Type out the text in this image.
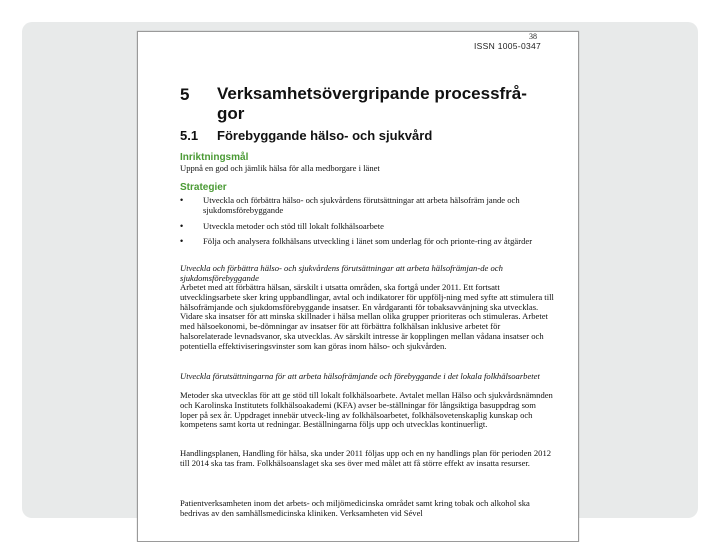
38
ISSN 1005-0347
5 Verksamhetsövergripande processfrå-gor
5.1 Förebyggande hälso- och sjukvård
Inriktningsmål
Uppnå en god och jämlik hälsa för alla medborgare i länet
Strategier
• Utveckla och förbättra hälso- och sjukvårdens förutsättningar att arbeta hälsofräm jande och sjukdomsförebyggande
• Utveckla metoder och stöd till lokalt folkhälsoarbete
• Följa och analysera folkhälsans utveckling i länet som underlag för och prionte-ring av åtgärder
Utveckla och förbättra hälso- och sjukvårdens förutsättningar att arbeta hälsofrämjan-de och sjukdomsförebyggande
Arbetet med att förbättra hälsan, särskilt i utsatta områden, ska fortgå under 2011. Ett fortsatt utvecklingsarbete sker kring uppbandlingar, avtal och indikatorer för uppfölj-ning med syfte att stimulera till hälsofrämjande och sjukdomsförebyggande insatser. En vårdgaranti för tobaksavvänjning ska utvecklas. Vidare ska insatser för att minska skillnader i hälsa mellan olika grupper prioriteras och stimuleras. Arbetet med hälsoekonomi, be-dömningar av insatser för att förbättra folkhälsan inklusive arbetet för halsorelaterade levnadsvanor, ska utvecklas. Av särskilt intresse är kopplingen mellan vådana insatser och potentiella effektiviseringsvinster som kan göras inom hälso- och sjukvården.
Utveckla förutsättningarna för att arbeta hälsofrämjande och förebyggande i det lokala folkhälsoarbetet
Metoder ska utvecklas för att ge stöd till lokalt folkhälsoarbete. Avtalet mellan Hälso och sjukvårdsnämnden och Karolinska Institutets folkhälsoakademi (KFA) avser be-ställningar för långsiktiga basuppdrag som loper på sex år. Uppdraget innebär utveck-ling av folkhälsoarbetet, folkhälsovetenskaplig kunskap och kompetens samt korta ut redningar. Beställningarna följs upp och utvecklas kontinuerligt.
Handlingsplanen, Handling för hälsa, ska under 2011 följas upp och en ny handlings plan för perioden 2012 till 2014 ska tas fram. Folkhälsoanslaget ska ses över med målet att få större effekt av insatta resurser.
Patientverksamheten inom det arbets- och miljömedicinska området samt kring tobak och alkohol ska bedrivas av den samhällsmedicinska kliniken. Verksamheten vid Sével
